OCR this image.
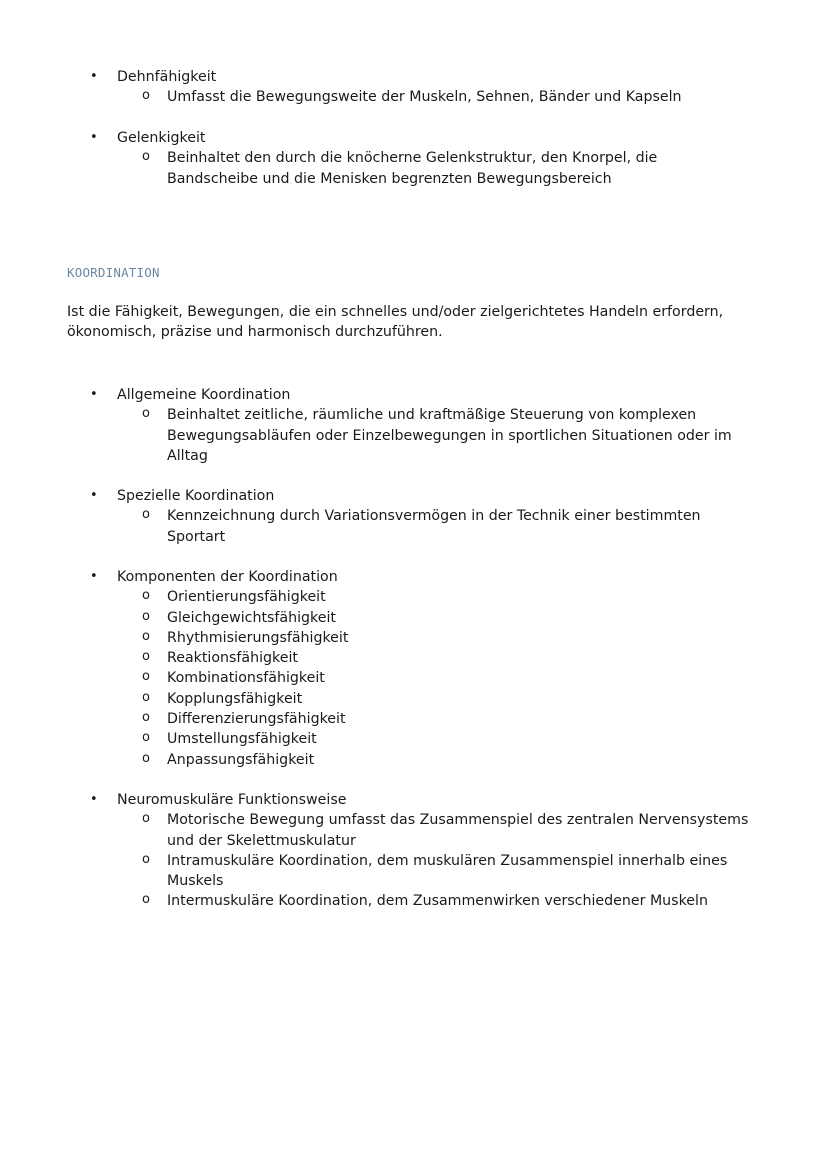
• Dehnfähigkeit
o Umfasst die Bewegungsweite der Muskeln, Sehnen, Bänder und Kapseln
• Gelenkigkeit
o Beinhaltet den durch die knöcherne Gelenkstruktur, den Knorpel, die Bandscheibe und die Menisken begrenzten Bewegungsbereich
KOORDINATION
Ist die Fähigkeit, Bewegungen, die ein schnelles und/oder zielgerichtetes Handeln erfordern, ökonomisch, präzise und harmonisch durchzuführen.
• Allgemeine Koordination
o Beinhaltet zeitliche, räumliche und kraftmäßige Steuerung von komplexen Bewegungsabläufen oder Einzelbewegungen in sportlichen Situationen oder im Alltag
• Spezielle Koordination
o Kennzeichnung durch Variationsvermögen in der Technik einer bestimmten Sportart
• Komponenten der Koordination
o Orientierungsfähigkeit
o Gleichgewichtsfähigkeit
o Rhythmisierungsfähigkeit
o Reaktionsfähigkeit
o Kombinationsfähigkeit
o Kopplungsfähigkeit
o Differenzierungsfähigkeit
o Umstellungsfähigkeit
o Anpassungsfähigkeit
• Neuromuskuläre Funktionsweise
o Motorische Bewegung umfasst das Zusammenspiel des zentralen Nervensystems und der Skelettmuskulatur
o Intramuskuläre Koordination, dem muskulären Zusammenspiel innerhalb eines Muskels
o Intermuskuläre Koordination, dem Zusammenwirken verschiedener Muskeln
